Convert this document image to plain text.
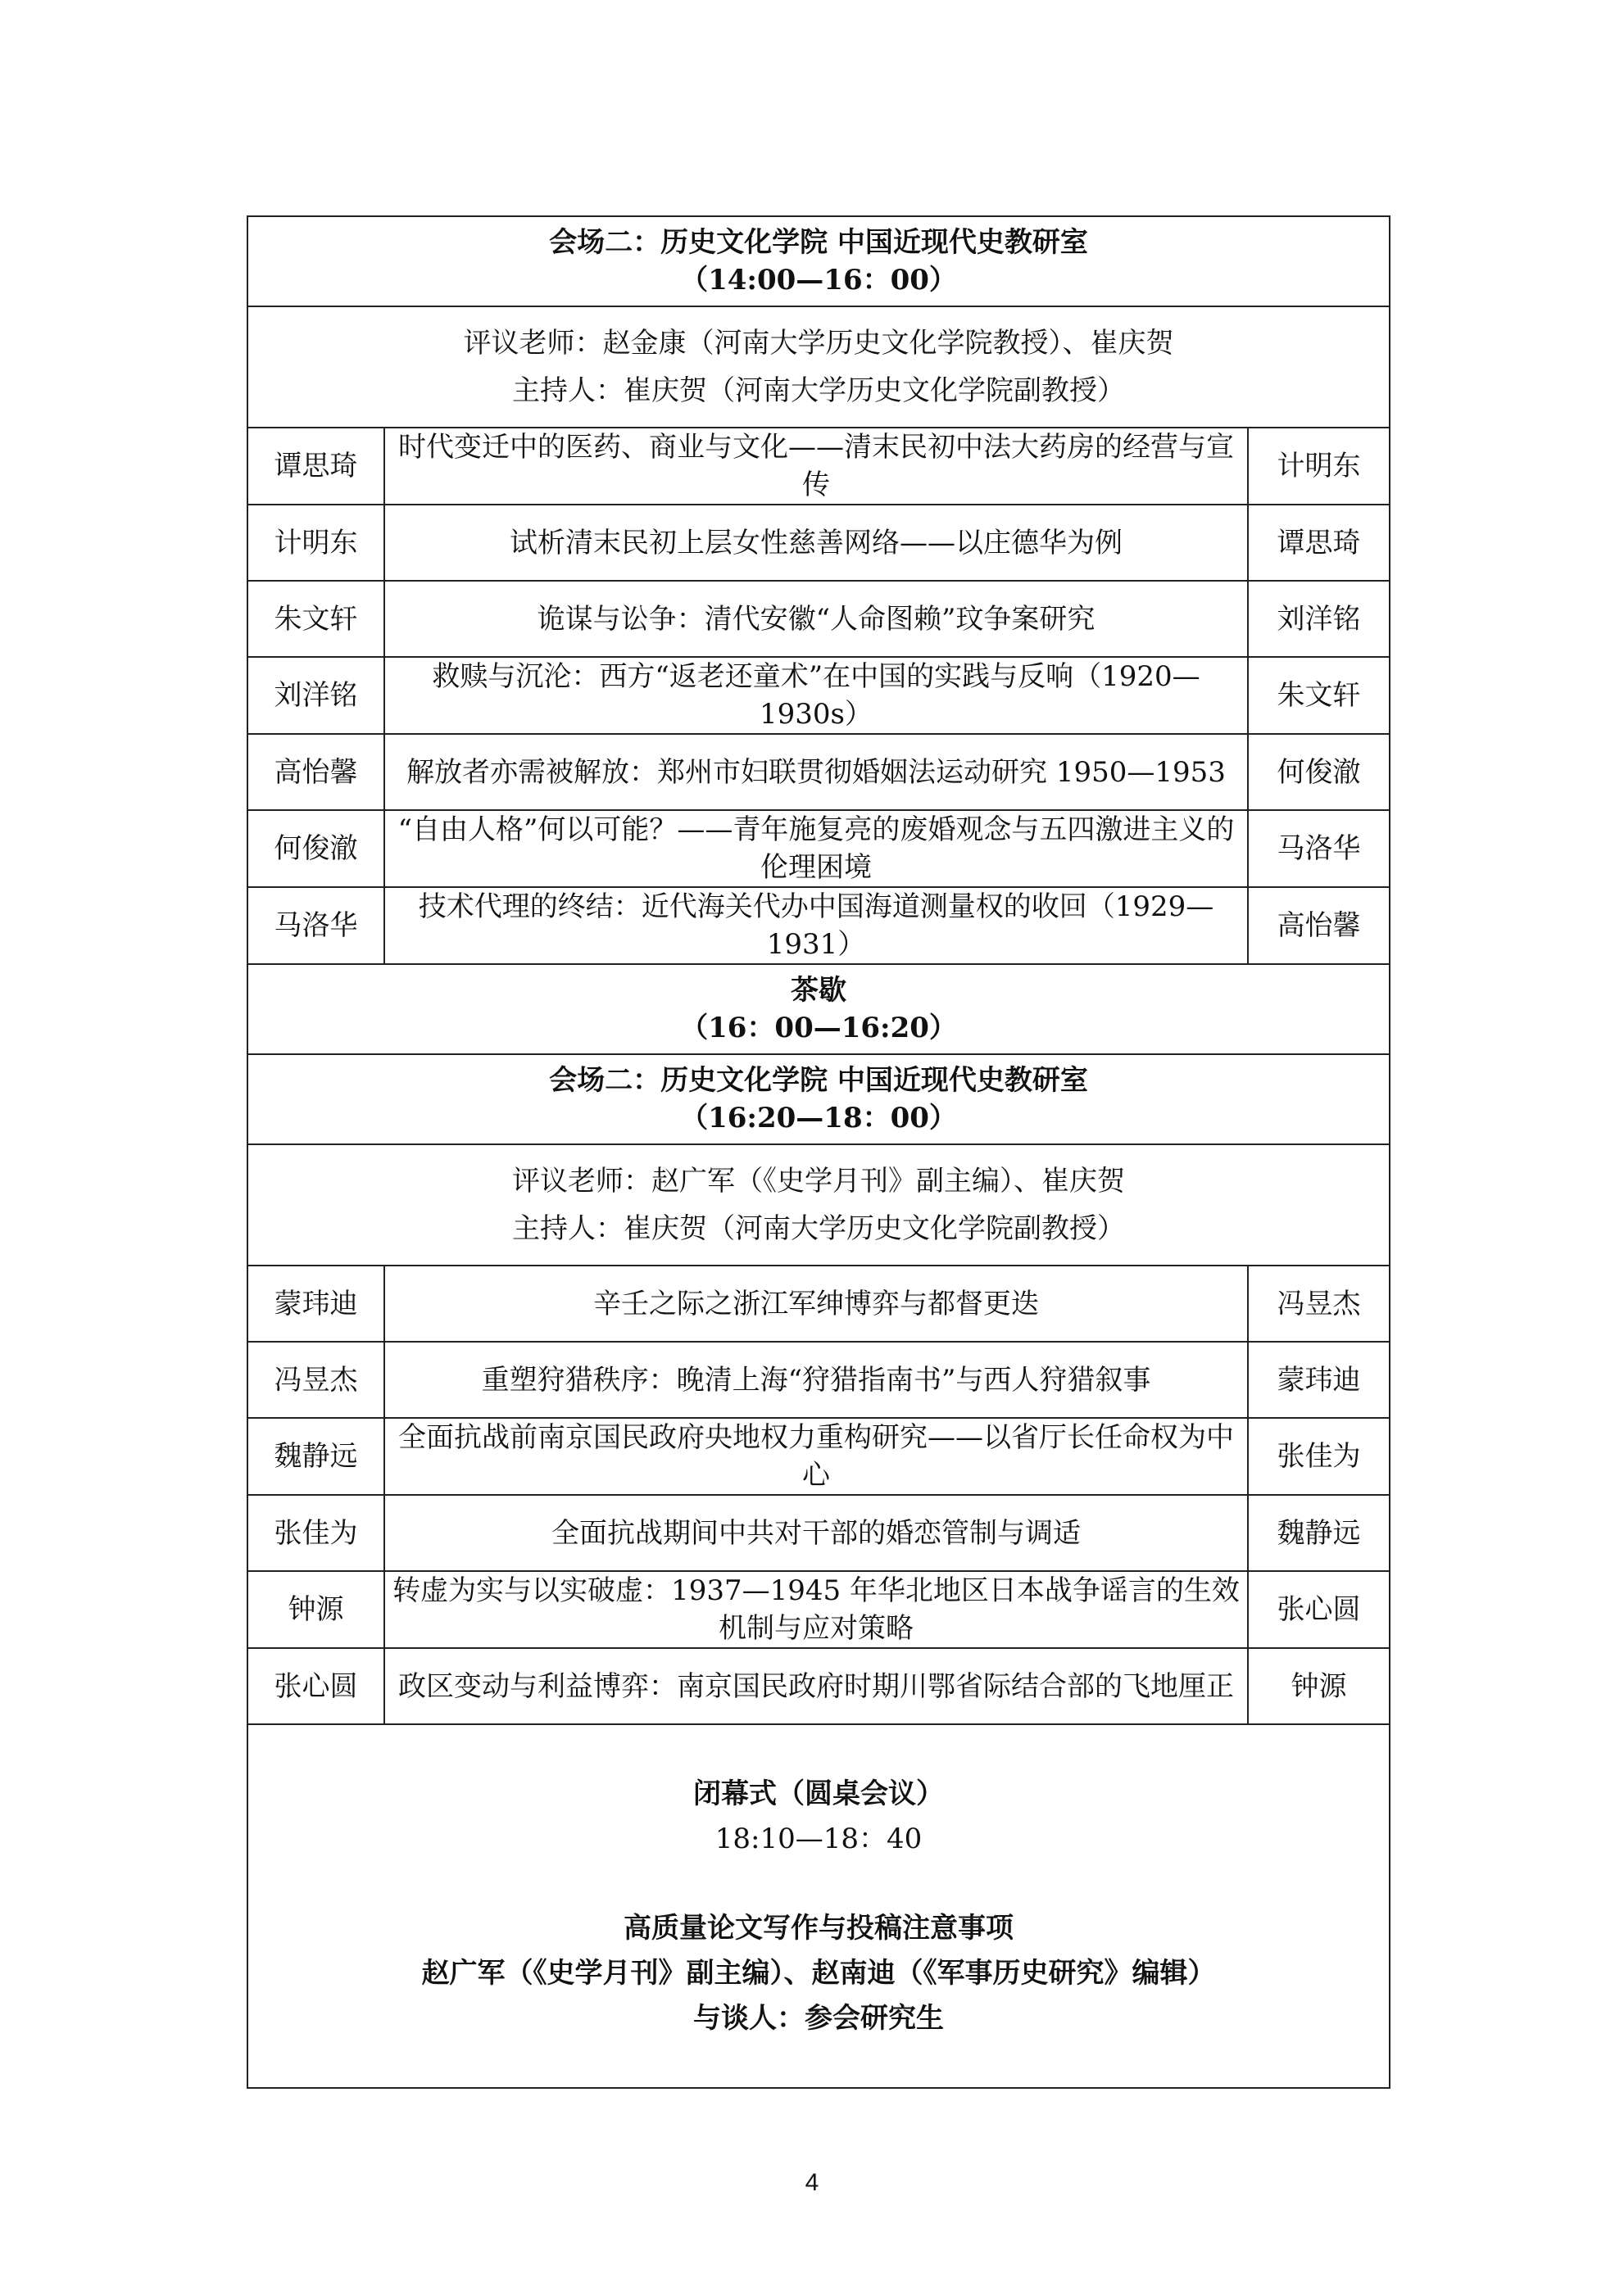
会场二：历史文化学院 中国近现代史教研室
（14:00—16：00）		

评议老师：赵金康（河南大学历史文化学院教授）、崔庆贺
主持人：崔庆贺（河南大学历史文化学院副教授）		

谭思琦	时代变迁中的医药、商业与文化——清末民初中法大药房的经营与宣传	计明东
计明东	试析清末民初上层女性慈善网络——以庄德华为例	谭思琦
朱文轩	诡谋与讼争：清代安徽“人命图赖”玟争案研究	刘洋铭
刘洋铭	救赎与沉沦：西方“返老还童术”在中国的实践与反响（1920—1930s）	朱文轩
高怡馨	解放者亦需被解放：郑州市妇联贯彻婚姻法运动研究 1950—1953	何俊澈
何俊澈	“自由人格”何以可能？——青年施复亮的废婚观念与五四激进主义的伦理困境	马洛华
马洛华	技术代理的终结：近代海关代办中国海道测量权的收回（1929—1931）	高怡馨

茶歇
（16：00—16:20）		

会场二：历史文化学院 中国近现代史教研室
（16:20—18：00）		

评议老师：赵广军（《史学月刊》副主编）、崔庆贺
主持人：崔庆贺（河南大学历史文化学院副教授）		

蒙玮迪	辛壬之际之浙江军绅博弈与都督更迭	冯昱杰
冯昱杰	重塑狩猎秩序：晚清上海“狩猎指南书”与西人狩猎叙事	蒙玮迪
魏静远	全面抗战前南京国民政府央地权力重构研究——以省厅长任命权为中心	张佳为
张佳为	全面抗战期间中共对干部的婚恋管制与调适	魏静远
钟源	转虚为实与以实破虚：1937—1945 年华北地区日本战争谣言的生效机制与应对策略	张心圆
张心圆	政区变动与利益博弈：南京国民政府时期川鄂省际结合部的飞地厘正	钟源

闭幕式（圆桌会议）
18:10—18：40
高质量论文写作与投稿注意事项
赵广军（《史学月刊》副主编）、赵南迪（《军事历史研究》编辑）
与谈人：参会研究生		
4
